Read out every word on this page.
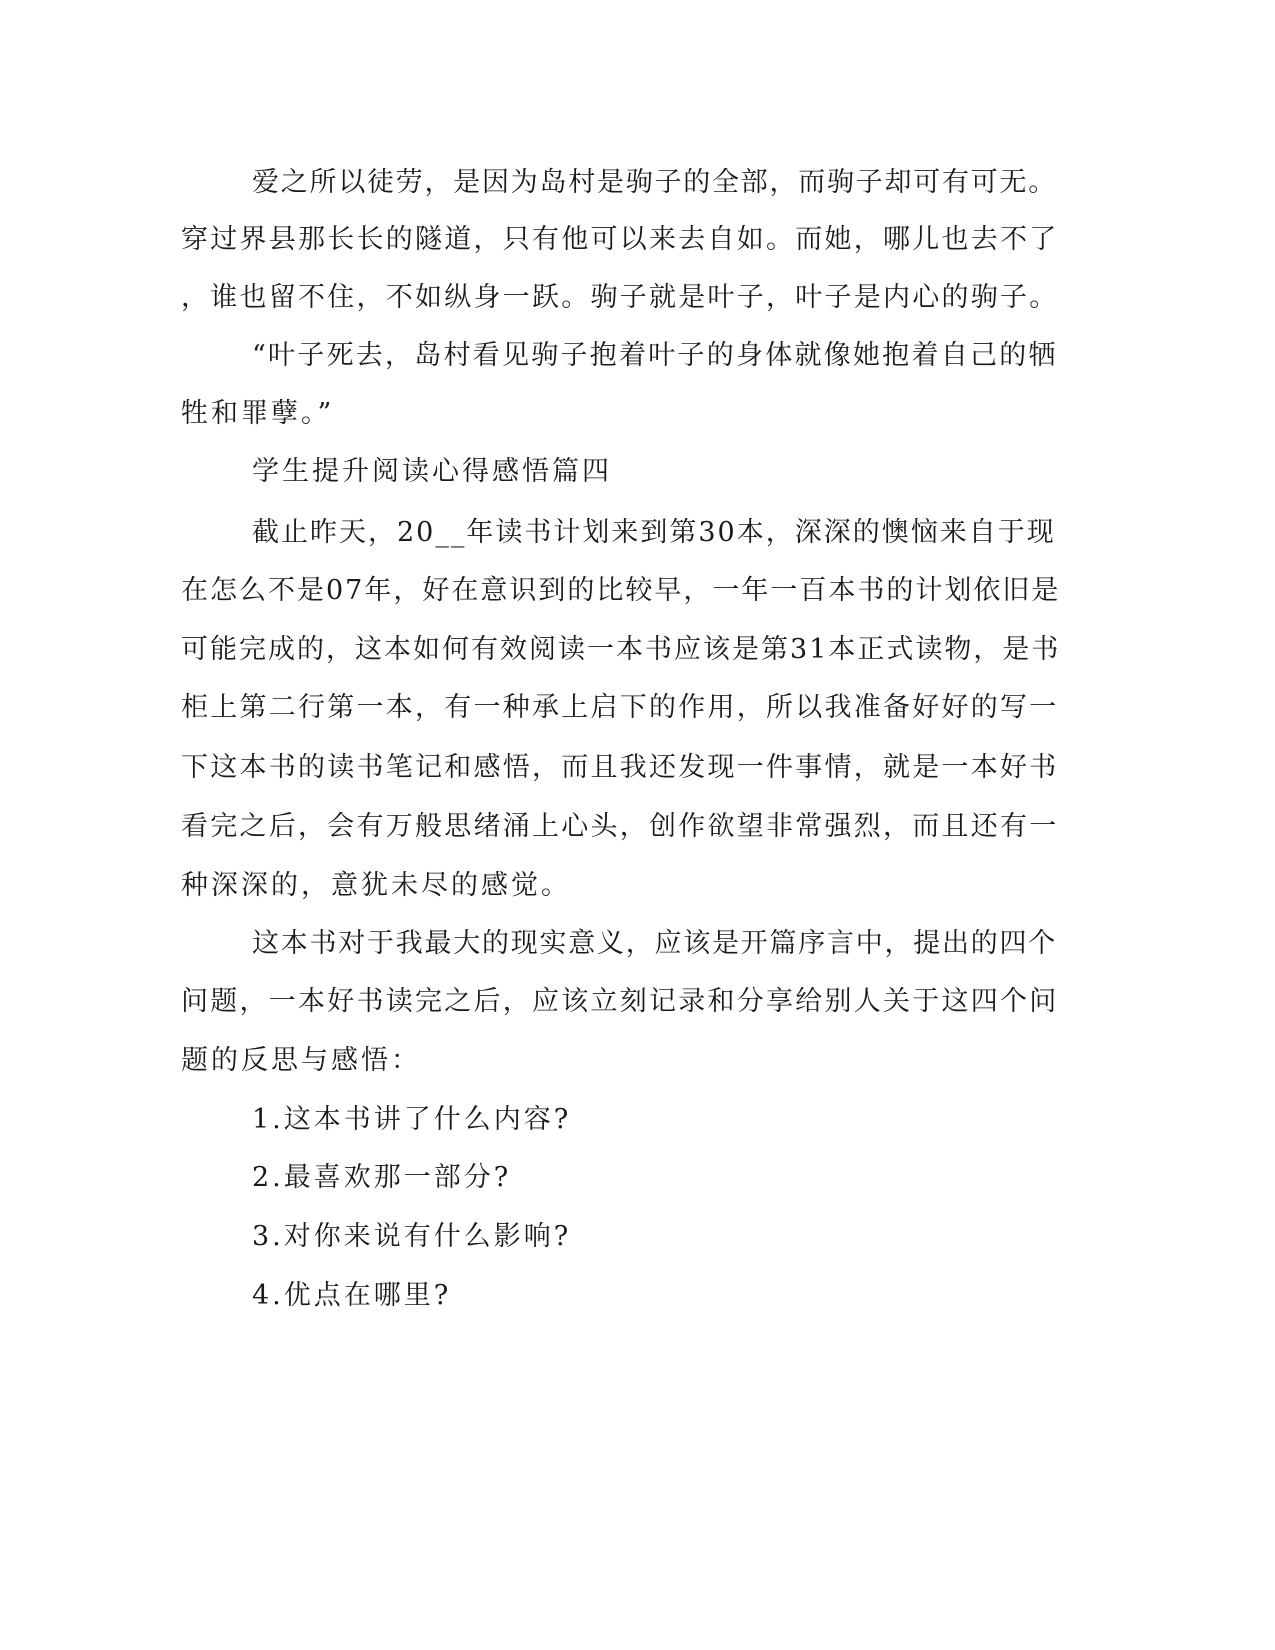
爱之所以徒劳，是因为岛村是驹子的全部，而驹子却可有可无。

穿过界县那长长的隧道，只有他可以来去自如。而她，哪儿也去不了

，谁也留不住，不如纵身一跃。驹子就是叶子，叶子是内心的驹子。

“叶子死去，岛村看见驹子抱着叶子的身体就像她抱着自己的牺

牲和罪孽。”

学生提升阅读心得感悟篇四

截止昨天，20__年读书计划来到第30本，深深的懊恼来自于现

在怎么不是07年，好在意识到的比较早，一年一百本书的计划依旧是

可能完成的，这本如何有效阅读一本书应该是第31本正式读物，是书

柜上第二行第一本，有一种承上启下的作用，所以我准备好好的写一

下这本书的读书笔记和感悟，而且我还发现一件事情，就是一本好书

看完之后，会有万般思绪涌上心头，创作欲望非常强烈，而且还有一

种深深的，意犹未尽的感觉。

这本书对于我最大的现实意义，应该是开篇序言中，提出的四个

问题，一本好书读完之后，应该立刻记录和分享给别人关于这四个问

题的反思与感悟：

1.这本书讲了什么内容?

2.最喜欢那一部分?

3.对你来说有什么影响?

4.优点在哪里?
